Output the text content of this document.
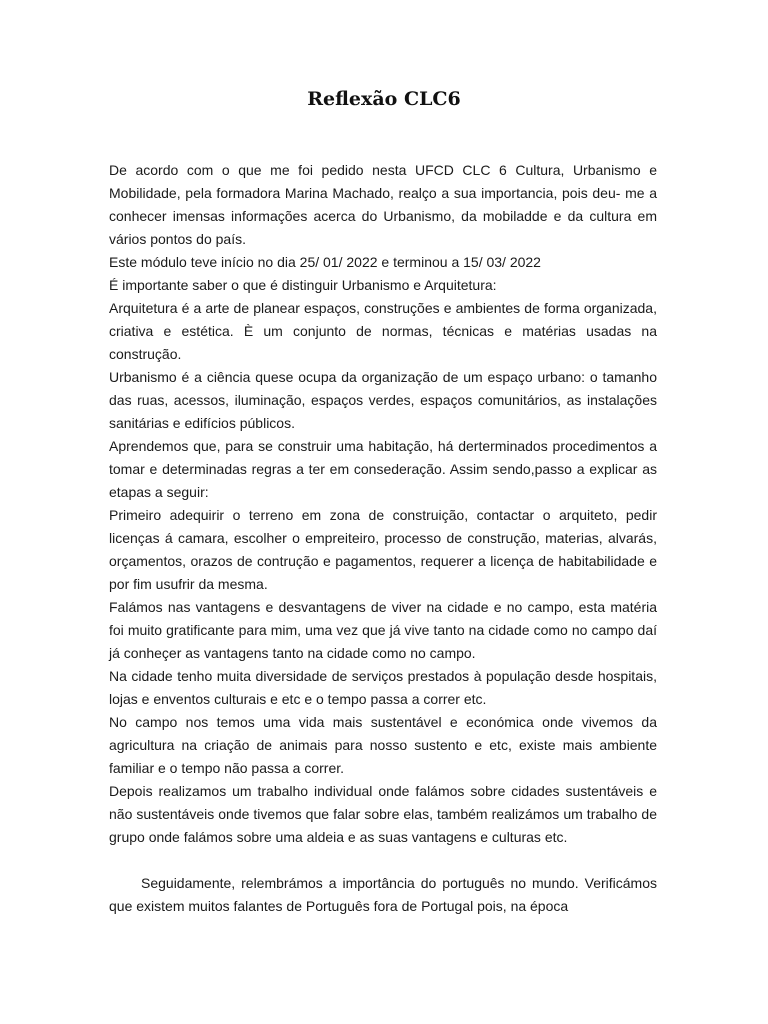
Reflexão CLC6

De acordo com o que me foi pedido nesta UFCD CLC 6 Cultura, Urbanismo e Mobilidade, pela formadora Marina Machado, realço a sua importancia, pois deu- me a conhecer imensas informações acerca do Urbanismo, da mobiladde e da cultura em vários pontos do país.

Este módulo teve início no dia 25/ 01/ 2022 e terminou a 15/ 03/ 2022

É importante saber o que é distinguir Urbanismo e Arquitetura:

Arquitetura é a arte de planear espaços, construções e ambientes de forma organizada, criativa e estética. È um conjunto de normas, técnicas e matérias usadas na construção.

Urbanismo é a ciência quese ocupa da organização de um espaço urbano: o tamanho das ruas, acessos, iluminação, espaços verdes, espaços comunitários, as instalações sanitárias e edifícios públicos.

Aprendemos que, para se construir uma habitação, há derterminados procedimentos a tomar e determinadas regras a ter em consederação. Assim sendo,passo a explicar as etapas a seguir:

Primeiro adequirir o terreno em zona de construição, contactar o arquiteto, pedir licenças á camara, escolher o empreiteiro, processo de construção, materias, alvarás, orçamentos, orazos de contrução e pagamentos, requerer a licença de habitabilidade e por fim usufrir da mesma.

Falámos nas vantagens e desvantagens de viver na cidade e no campo, esta matéria foi muito gratificante para mim, uma vez que já vive tanto na cidade como no campo daí já conheçer as vantagens tanto na cidade como no campo.

Na cidade tenho muita diversidade de serviços prestados à população desde hospitais, lojas e enventos culturais e etc e o tempo passa a correr etc.

No campo nos temos uma vida mais sustentável e económica onde vivemos da agricultura na criação de animais para nosso sustento e etc, existe mais ambiente familiar e o tempo não passa a correr.

Depois realizamos um trabalho individual onde falámos sobre cidades sustentáveis e não sustentáveis onde tivemos que falar sobre elas, também realizámos um trabalho de grupo onde falámos sobre uma aldeia e as suas vantagens e culturas etc.

Seguidamente, relembrámos a importância do português no mundo. Verificámos que existem muitos falantes de Português fora de Portugal pois, na época
